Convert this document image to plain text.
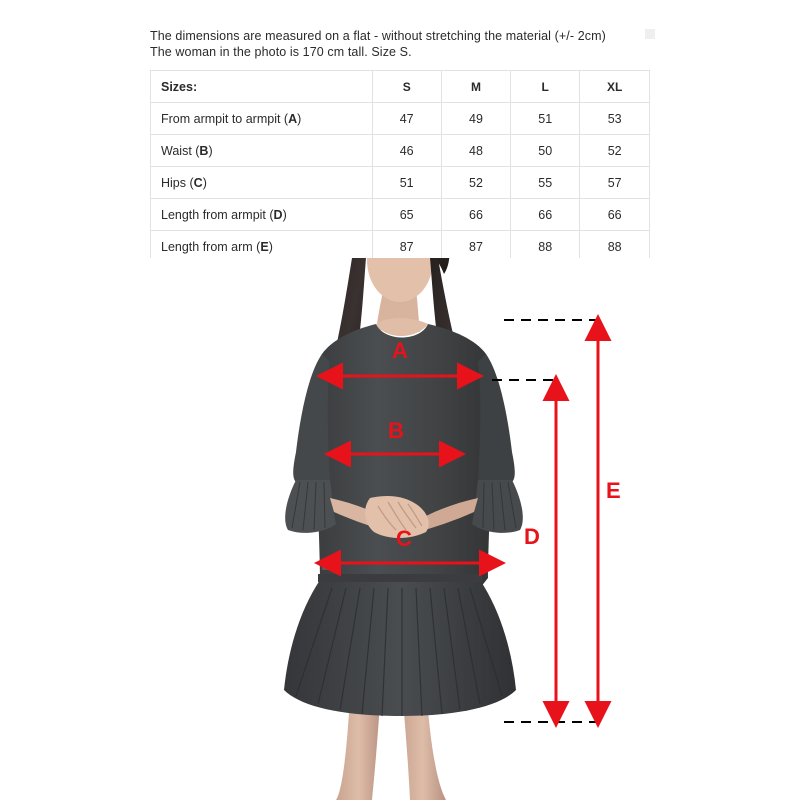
The dimensions are measured on a flat - without stretching the material (+/- 2cm)
The woman in the photo is 170 cm tall. Size S.
Sizes:	S	M	L	XL
From armpit to armpit (A)	47	49	51	53
Waist (B)	46	48	50	52
Hips (C)	51	52	55	57
Length from armpit (D)	65	66	66	66
Length from arm (E)	87	87	88	88
A
B
C	D
E
